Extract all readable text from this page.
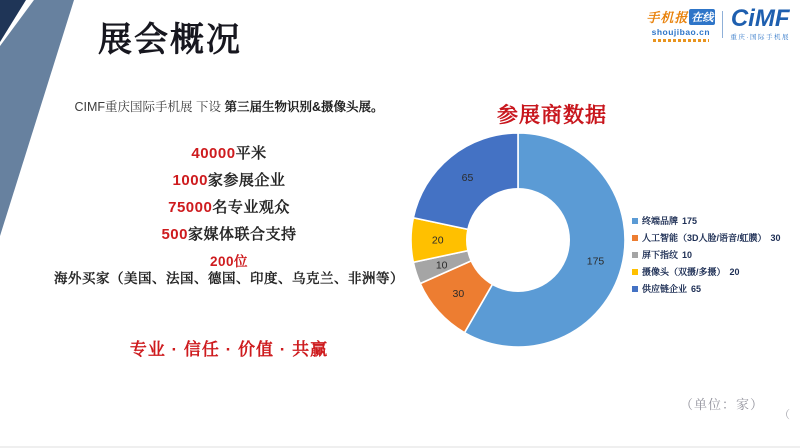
展会概况
手机报 在线
shoujibao.cn CiMF
重庆·国际手机展
CIMF重庆国际手机展 下设 第三届生物识别&摄像头展。
40000平米
1000家参展企业
75000名专业观众
500家媒体联合支持
200位海外买家（美国、法国、德国、印度、乌克兰、非洲等）
专业 · 信任 · 价值 · 共赢
参展商数据
175
30
10
20
65
终端品牌 175
人工智能（3D人脸/语音/虹膜） 30
屏下指纹 10
摄像头（双摄/多摄） 20
供应链企业 65
（单位：家）
（
